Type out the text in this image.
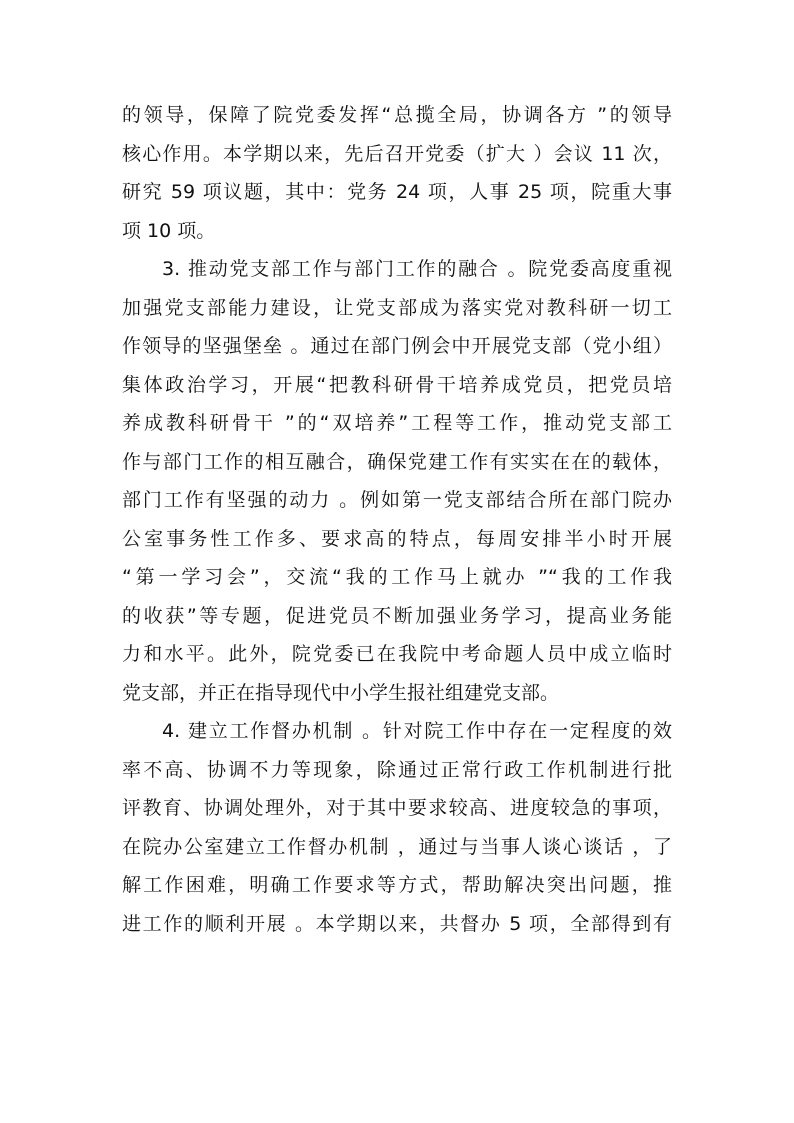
的领导，保障了院党委发挥“总揽全局，协调各方 ”的领导
核心作用。本学期以来，先后召开党委（扩大 ）会议 11 次，
研究 59 项议题，其中：党务 24 项，人事 25 项，院重大事
项 10 项。
3. 推动党支部工作与部门工作的融合 。院党委高度重视
加强党支部能力建设，让党支部成为落实党对教科研一切工
作领导的坚强堡垒 。通过在部门例会中开展党支部（党小组）
集体政治学习，开展“把教科研骨干培养成党员，把党员培
养成教科研骨干 ”的“双培养”工程等工作，推动党支部工
作与部门工作的相互融合，确保党建工作有实实在在的载体，
部门工作有坚强的动力 。例如第一党支部结合所在部门院办
公室事务性工作多、要求高的特点，每周安排半小时开展
“第一学习会”，交流“我的工作马上就办 ”“我的工作我
的收获”等专题，促进党员不断加强业务学习，提高业务能
力和水平。此外，院党委已在我院中考命题人员中成立临时
党支部，并正在指导现代中小学生报社组建党支部。
4. 建立工作督办机制 。针对院工作中存在一定程度的效
率不高、协调不力等现象，除通过正常行政工作机制进行批
评教育、协调处理外，对于其中要求较高、进度较急的事项，
在院办公室建立工作督办机制 ，通过与当事人谈心谈话 ，了
解工作困难，明确工作要求等方式，帮助解决突出问题，推
进工作的顺利开展 。本学期以来，共督办 5 项，全部得到有
